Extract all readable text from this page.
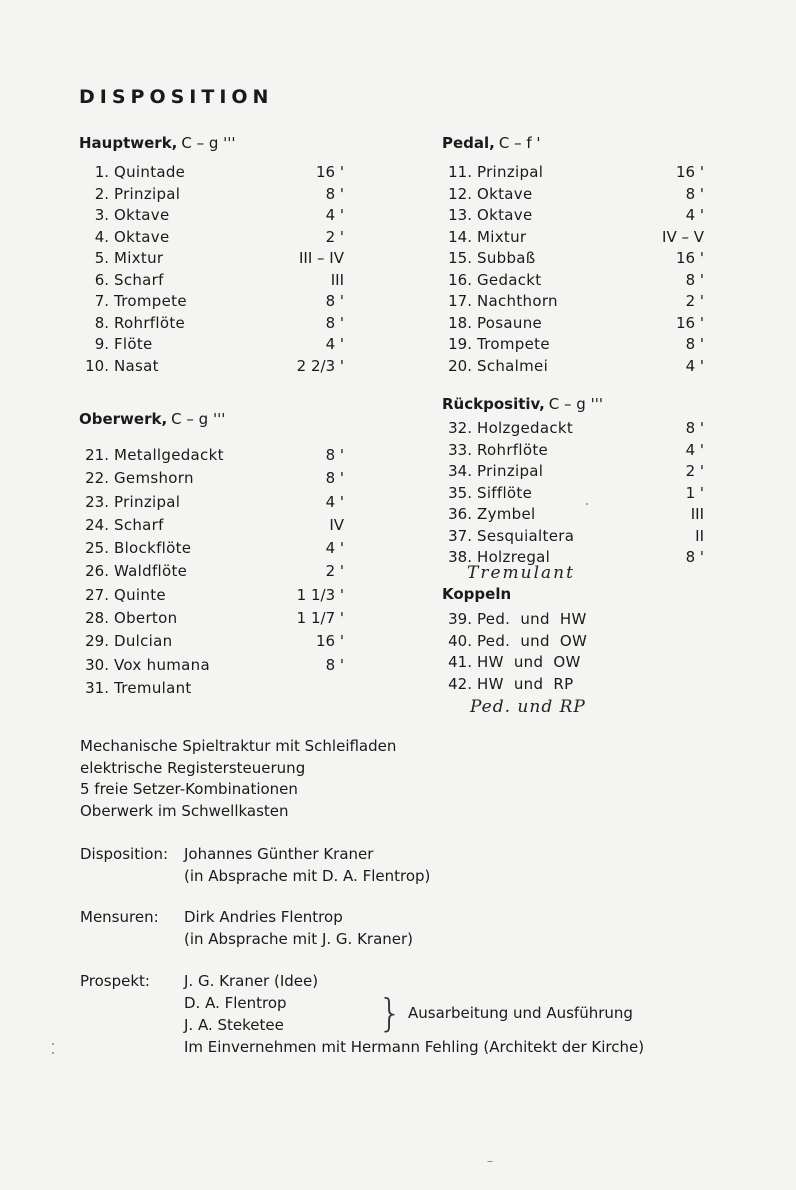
DISPOSITION
Hauptwerk, C – g '''
1. Quintade	16 '
2. Prinzipal	8 '
3. Oktave	4 '
4. Oktave	2 '
5. Mixtur	III – IV
6. Scharf	III
7. Trompete	8 '
8. Rohrflöte	8 '
9. Flöte	4 '
10. Nasat	2 2/3 '
Pedal, C – f '
11. Prinzipal	16 '
12. Oktave	8 '
13. Oktave	4 '
14. Mixtur	IV – V
15. Subbaß	16 '
16. Gedackt	8 '
17. Nachthorn	2 '
18. Posaune	16 '
19. Trompete	8 '
20. Schalmei	4 '
Oberwerk, C – g '''
21. Metallgedackt	8 '
22. Gemshorn	8 '
23. Prinzipal	4 '
24. Scharf	IV
25. Blockflöte	4 '
26. Waldflöte	2 '
27. Quinte	1 1/3 '
28. Oberton	1 1/7 '
29. Dulcian	16 '
30. Vox humana	8 '
31. Tremulant
Rückpositiv, C – g '''
32. Holzgedackt	8 '
33. Rohrflöte	4 '
34. Prinzipal	2 '
35. Sifflöte	1 '
36. Zymbel	III
37. Sesquialtera	II
38. Holzregal	8 '
Tremulant
Koppeln
39. Ped.  und  HW
40. Ped.  und  OW
41. HW  und  OW
42. HW  und  RP
Ped. und RP
Mechanische Spieltraktur mit Schleifladen
elektrische Registersteuerung
5 freie Setzer-Kombinationen
Oberwerk im Schwellkasten
Disposition: Johannes Günther Kraner
(in Absprache mit D. A. Flentrop)
Mensuren: Dirk Andries Flentrop
(in Absprache mit J. G. Kraner)
Prospekt: J. G. Kraner (Idee)
D. A. Flentrop
J. A. Steketee
Im Einvernehmen mit Hermann Fehling (Architekt der Kirche)
} Ausarbeitung und Ausführung
